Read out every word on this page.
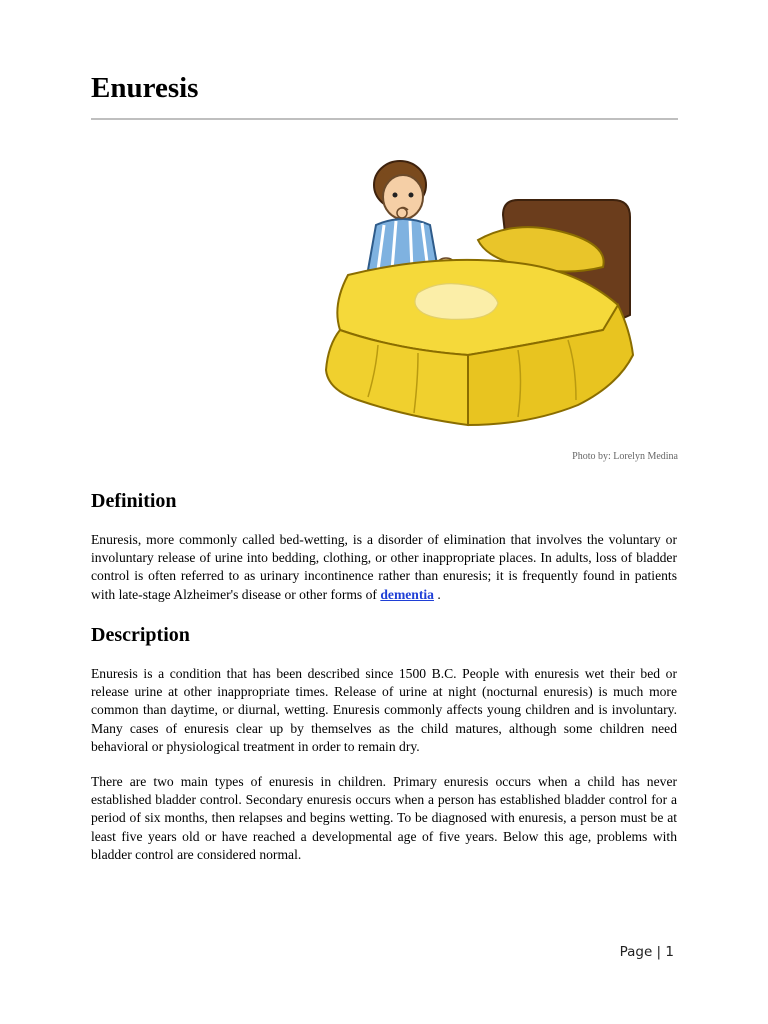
Enuresis
Photo by: Lorelyn Medina
Definition

Enuresis, more commonly called bed-wetting, is a disorder of elimination that involves the voluntary or involuntary release of urine into bedding, clothing, or other inappropriate places. In adults, loss of bladder control is often referred to as urinary incontinence rather than enuresis; it is frequently found in patients with late-stage Alzheimer's disease or other forms of dementia .

Description

Enuresis is a condition that has been described since 1500 B.C. People with enuresis wet their bed or release urine at other inappropriate times. Release of urine at night (nocturnal enuresis) is much more common than daytime, or diurnal, wetting. Enuresis commonly affects young children and is involuntary. Many cases of enuresis clear up by themselves as the child matures, although some children need behavioral or physiological treatment in order to remain dry.

There are two main types of enuresis in children. Primary enuresis occurs when a child has never established bladder control. Secondary enuresis occurs when a person has established bladder control for a period of six months, then relapses and begins wetting. To be diagnosed with enuresis, a person must be at least five years old or have reached a developmental age of five years. Below this age, problems with bladder control are considered normal.

Page | 1
